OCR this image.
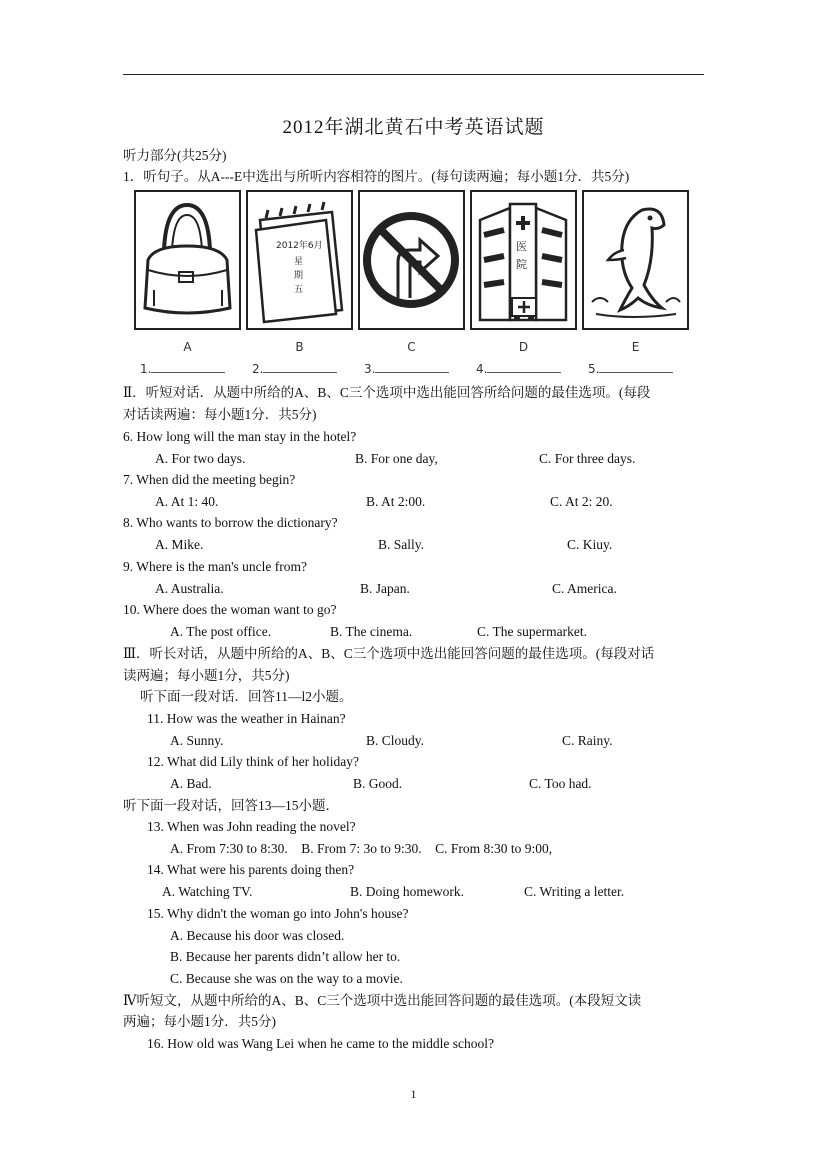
2012年湖北黄石中考英语试题
听力部分(共25分)
1．听句子。从A---E中选出与所听内容相符的图片。(每句读两遍；每小题1分．共5分)
2012年6月
星
期
五
医
院
A	B	C	D	E
1.	2.	3.	4.	5.
Ⅱ．听短对话．从题中所给的A、B、C三个选项中选出能回答所给问题的最佳选项。(每段
对话读两遍：每小题1分．共5分)
6. How long will the man stay in the hotel?
A. For two days.	B. For one day,	C. For three days.
7. When did the meeting begin?
A. At 1: 40.	B. At 2:00.	C. At 2: 20.
8. Who wants to borrow the dictionary?
A. Mike.	B. Sally.	C. Kiuy.
9. Where is the man's uncle from?
A. Australia.	B. Japan.	C. America.
10. Where does the woman want to go?
A. The post office.	B. The cinema.	C. The supermarket.
Ⅲ．听长对话，从题中所给的A、B、C三个选项中选出能回答问题的最佳选项。(每段对话
读两遍；每小题1分，共5分)
听下面一段对话．回答11—l2小题。
11. How was the weather in Hainan?
A. Sunny.	B. Cloudy.	C. Rainy.
12. What did Lily think of her holiday?
A. Bad.	B. Good.	C. Too had.
听下面一段对话，回答13—15小题．
13. When was John reading the novel?
A. From 7:30 to 8:30.    B. From 7: 3o to 9:30.    C. From 8:30 to 9:00,
14. What were his parents doing then?
A. Watching TV.	B. Doing homework.	C. Writing a letter.
15. Why didn't the woman go into John's house?
A. Because his door was closed.
B. Because her parents didn’t allow her to.
C. Because she was on the way to a movie.
Ⅳ听短文，从题中所给的A、B、C三个选项中选出能回答问题的最佳选项。(本段短文读
两遍；每小题1分．共5分)
16. How old was Wang Lei when he came to the middle school?
1
